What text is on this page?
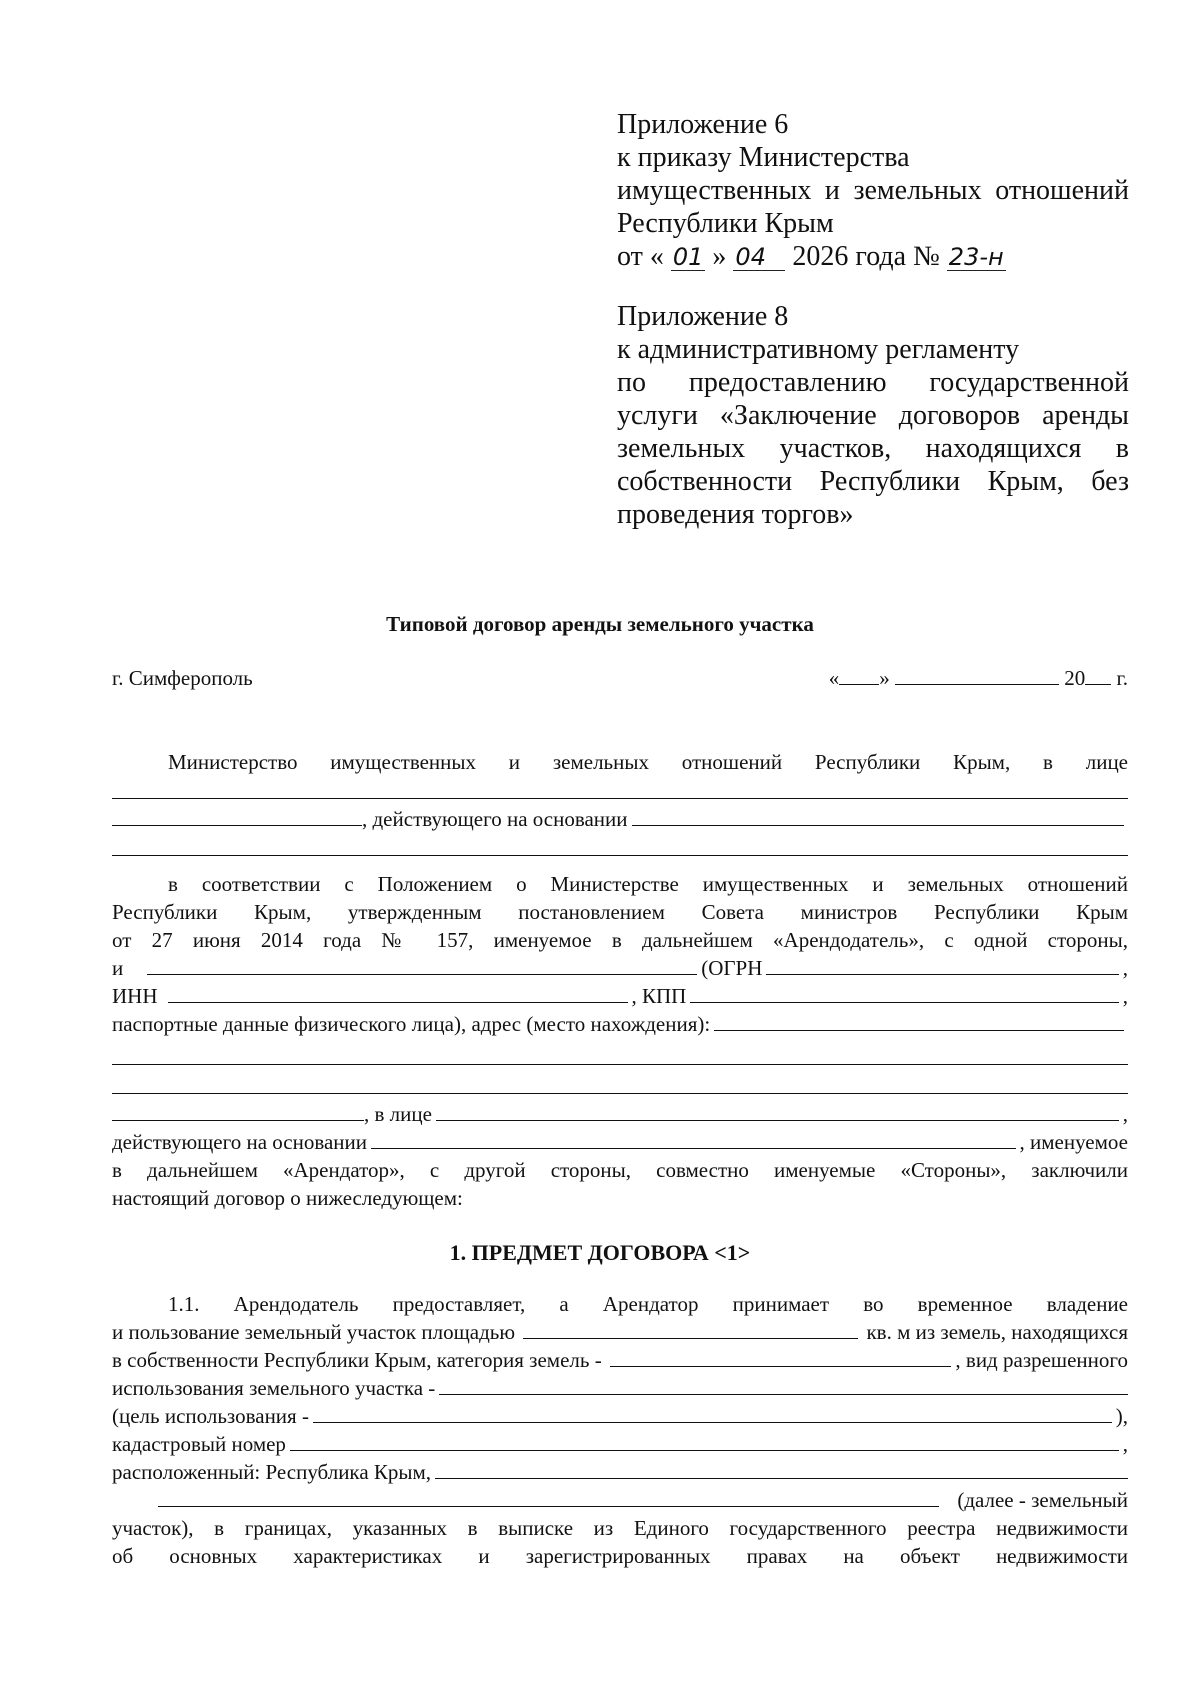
Приложение 6
к приказу Министерства
имущественных и земельных отношений
Республики Крым
от « 01 » 04 2026 года № 23-н
Приложение 8
к административному регламенту
по предоставлению государственной
услуги «Заключение договоров аренды
земельных участков, находящихся в
собственности Республики Крым, без
проведения торгов»
Типовой договор аренды земельного участка
г. Симферополь	« »	20 г.
Министерство имущественных и земельных отношений Республики Крым, в лице
, действующего на основании
в соответствии с Положением о Министерстве имущественных и земельных отношений
Республики Крым, утвержденным постановлением Совета министров Республики Крым
от 27 июня 2014 года № 157, именуемое в дальнейшем «Арендодатель», с одной стороны,
и	(ОГРН	,
ИНН	, КПП	,
паспортные данные физического лица), адрес (место нахождения):
, в лице	,
действующего на основании	, именуемое
в дальнейшем «Арендатор», с другой стороны, совместно именуемые «Стороны», заключили
настоящий договор о нижеследующем:
1. ПРЕДМЕТ ДОГОВОРА <1>
1.1. Арендодатель предоставляет, а Арендатор принимает во временное владение
и пользование земельный участок площадью	кв. м из земель, находящихся
в собственности Республики Крым, категория земель -	, вид разрешенного
использования земельного участка -
(цель использования -	),
кадастровый номер	,
расположенный: Республика Крым,
(далее - земельный
участок), в границах, указанных в выписке из Единого государственного реестра недвижимости
об основных характеристиках и зарегистрированных правах на объект недвижимости
